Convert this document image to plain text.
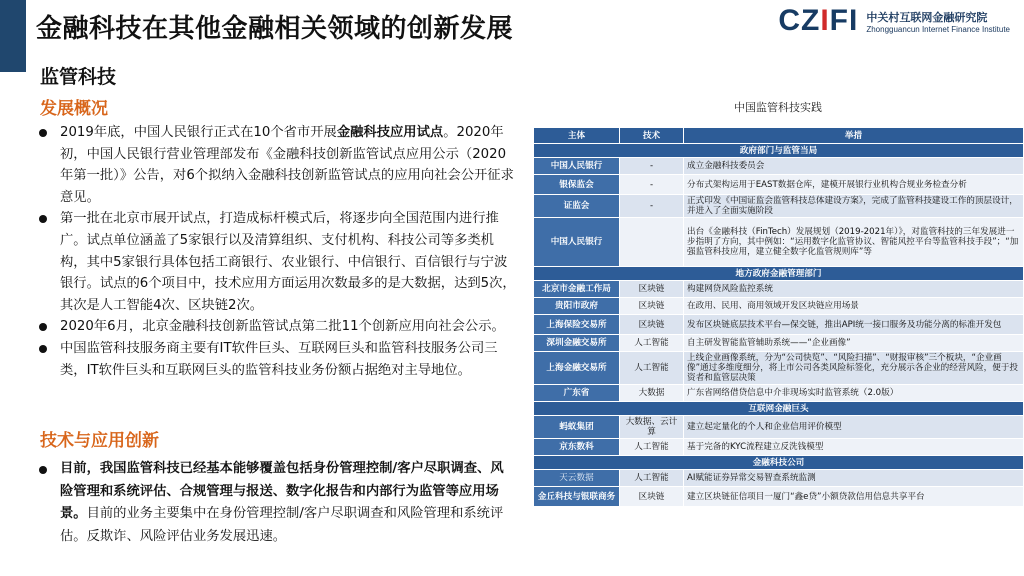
金融科技在其他金融相关领域的创新发展	CZIFI 中关村互联网金融研究院
Zhongguancun Internet Finance Institute
监管科技
发展概况
2019年底，中国人民银行正式在10个省市开展金融科技应用试点。2020年初，中国人民银行营业管理部发布《金融科技创新监管试点应用公示（2020年第一批）》公告，对6个拟纳入金融科技创新监管试点的应用向社会公开征求意见。
第一批在北京市展开试点，打造成标杆模式后，将逐步向全国范围内进行推广。试点单位涵盖了5家银行以及清算组织、支付机构、科技公司等多类机构，其中5家银行具体包括工商银行、农业银行、中信银行、百信银行与宁波银行。试点的6个项目中，技术应用方面运用次数最多的是大数据，达到5次，其次是人工智能4次、区块链2次。
2020年6月，北京金融科技创新监管试点第二批11个创新应用向社会公示。
中国监管科技服务商主要有IT软件巨头、互联网巨头和监管科技服务公司三类，IT软件巨头和互联网巨头的监管科技业务份额占据绝对主导地位。
技术与应用创新
目前，我国监管科技已经基本能够覆盖包括身份管理控制/客户尽职调查、风险管理和系统评估、合规管理与报送、数字化报告和内部行为监管等应用场景。目前的业务主要集中在身份管理控制/客户尽职调查和风险管理和系统评估。反欺诈、风险评估业务发展迅速。
中国监管科技实践
主体	技术	举措
政府部门与监管当局		
中国人民银行	-	成立金融科技委员会
银保监会	-	分布式架构运用于EAST数据仓库，建模开展银行业机构合规业务检查分析
证监会	-	正式印发《中国证监会监管科技总体建设方案》，完成了监管科技建设工作的顶层设计，并进入了全面实施阶段
中国人民银行		出台《金融科技（FinTech）发展规划（2019-2021年）》，对监管科技的三年发展进一步指明了方向，其中例如：“运用数字化监管协议、智能风控平台等监管科技手段”；“加强监管科技应用，建立健全数字化监管规则库”等
地方政府金融管理部门		
北京市金融工作局	区块链	构建网贷风险监控系统
贵阳市政府	区块链	在政用、民用、商用领域开发区块链应用场景
上海保险交易所	区块链	发布区块链底层技术平台—保交链，推出API统一接口服务及功能分离的标准开发包
深圳金融交易所	人工智能	自主研发智能监管辅助系统——“企业画像”
上海金融交易所	人工智能	上线企业画像系统，分为“公司快览”、“风险扫描”、“财报审核”三个板块，“企业画像”通过多维度细分，将上市公司各类风险标签化，充分展示各企业的经营风险，便于投资者和监管层决策
广东省	大数据	广东省网络借贷信息中介非现场实时监管系统（2.0版）
互联网金融巨头		
蚂蚁集团	大数据、云计算	建立起定量化的个人和企业信用评价模型
京东数科	人工智能	基于完备的KYC流程建立反洗钱模型
金融科技公司		
天云数据	人工智能	AI赋能证券异常交易智查系统监测
金丘科技与银联商务	区块链	建立区块链征信项目一厦门“鑫e贷”小额贷款信用信息共享平台
